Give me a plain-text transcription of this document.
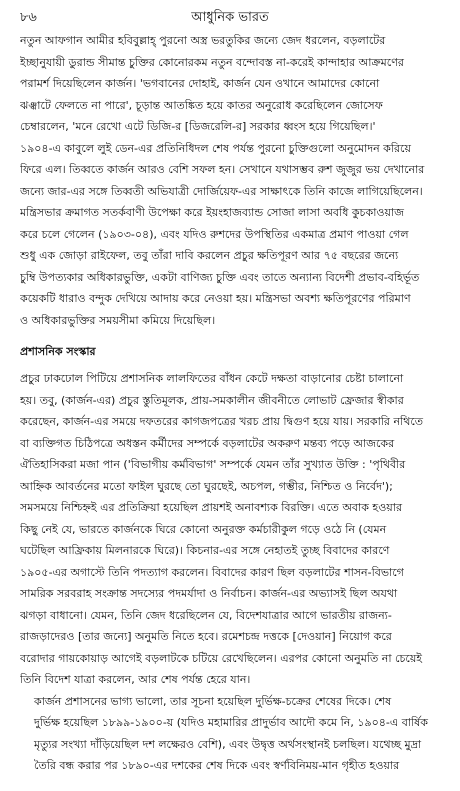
৮৬	আধুনিক ভারত

নতুন আফগান আমীর হবিবুল্লাহ্‌ পুরনো অস্ত্র ভরতুকির জন্যে জেদ ধরলেন, বড়লাটের
ইচ্ছানুযায়ী ডুরান্ড সীমান্ত চুক্তির কোনোরকম নতুন বন্দোবস্ত না-করেই কান্দাহার আক্রমণের
পরামর্শ দিয়েছিলেন কার্জন। 'ভগবানের দোহাই, কার্জন যেন ওখানে আমাদের কোনো
ঝঞ্ঝাটে ফেলতে না পারে', চূড়ান্ত আতঙ্কিত হয়ে কাতর অনুরোধ করেছিলেন জোসেফ
চেম্বারলেন, 'মনে রেখো এটে ডিজি-র [ডিজরেলি-র] সরকার ধ্বংস হয়ে গিয়েছিল।'
১৯০৪-এ কাবুলে লুই ডেন-এর প্রতিনিধিদল শেষ পর্যন্ত পুরনো চুক্তিগুলো অনুমোদন করিয়ে
ফিরে এল। তিব্বতে কার্জন আরও বেশি সফল হন। সেখানে যথাসম্ভব রুশ জুজুর ভয় দেখানোর
জন্যে জার-এর সঙ্গে তিব্বতী অভিযাত্রী দোর্জিয়েফ-এর সাক্ষাৎকে তিনি কাজে লাগিয়েছিলেন।
মন্ত্রিসভার ক্রমাগত সতর্কবাণী উপেক্ষা করে ইয়ংহাজব্যান্ড সোজা লাসা অবধি কুচকাওয়াজ
করে চলে গেলেন (১৯০৩-০৪), এবং যদিও রুশদের উপস্থিতির একমাত্র প্রমাণ পাওয়া গেল
শুধু এক জোড়া রাইফেল, তবু তাঁরা দাবি করলেন প্রচুর ক্ষতিপূরণ আর ৭৫ বছরের জন্যে
চুম্বি উপত্যকার অধিকারভুক্তি, একটা বাণিজ্য চুক্তি এবং তাতে অন্যান্য বিদেশী প্রভাব-বহির্ভূত
কয়েকটি ধারাও বন্দুক দেখিয়ে আদায় করে নেওয়া হয়। মন্ত্রিসভা অবশ্য ক্ষতিপূরণের পরিমাণ
ও অধিকারভুক্তির সময়সীমা কমিয়ে দিয়েছিল।

প্রশাসনিক সংস্কার

প্রচুর ঢাকঢোল পিটিয়ে প্রশাসনিক লালফিতের বাঁধন কেটে দক্ষতা বাড়ানোর চেষ্টা চালানো
হয়। তবু, (কার্জন-এর) প্রচুর স্তুতিমূলক, প্রায়-সমকালীন জীবনীতে লোভাট ফ্রেজার স্বীকার
করেছেন, কার্জন-এর সময়ে দফতরের কাগজপত্রের খরচ প্রায় দ্বিগুণ হয়ে যায়। সরকারি নথিতে
বা ব্যক্তিগত চিঠিপত্রে অধস্তন কর্মীদের সম্পর্কে বড়লাটের অকরুণ মন্তব্য পড়ে আজকের
ঐতিহাসিকরা মজা পান ('বিভাগীয় কর্মবিভাগ' সম্পর্কে যেমন তাঁর সুখ্যাত উক্তি : 'পৃথিবীর
আহ্নিক আবর্তনের মতো ফাইল ঘুরছে তো ঘুরছেই, অচপল, গম্ভীর, নিশ্চিত ও নির্বেদ');
সমসময়ে নিশ্চিহ্নই এর প্রতিক্রিয়া হয়েছিল প্রায়শই অনাবশ্যক বিরক্তি। এতে অবাক হওয়ার
কিছু নেই যে, ভারতে কার্জনকে ঘিরে কোনো অনুরক্ত কর্মচারীকুল গড়ে ওঠে নি (যেমন
ঘটেছিল আফ্রিকায় মিলনারকে ঘিরে)। কিচনার-এর সঙ্গে নেহাতই তুচ্ছ বিবাদের কারণে
১৯০৫-এর অগাস্টে তিনি পদত্যাগ করলেন। বিবাদের কারণ ছিল বড়লাটের শাসন-বিভাগে
সামরিক সরবরাহ সংক্রান্ত সদস্যের পদমর্যাদা ও নির্বাচন। কার্জন-এর অভ্যাসই ছিল অযথা
ঝগড়া বাধানো। যেমন, তিনি জেদ ধরেছিলেন যে, বিদেশযাত্রার আগে ভারতীয় রাজন্য-
রাজড়াদেরও [তার জন্যে] অনুমতি নিতে হবে। রমেশচন্দ্র দত্তকে [দেওয়ান] নিয়োগ করে
বরোদার গায়কোয়াড় আগেই বড়লাটকে চটিয়ে রেখেছিলেন। এরপর কোনো অনুমতি না চেয়েই
তিনি বিদেশ যাত্রা করলেন, আর শেষ পর্যন্ত হেরে যান।

কার্জন প্রশাসনের ভাগ্য ভালো, তার সূচনা হয়েছিল দুর্ভিক্ষ-চক্রের শেষের দিকে। শেষ
দুর্ভিক্ষ হয়েছিল ১৮৯৯-১৯০০-য় (যদিও মহামারির প্রাদুর্ভাব আদৌ কমে নি, ১৯০৪-এ বার্ষিক
মৃত্যুর সংখ্যা দাঁড়িয়েছিল দশ লক্ষেরও বেশি), এবং উদ্বৃত্ত অর্থসংস্থানই চলছিল। যথেচ্ছ মুদ্রা
তৈরি বন্ধ করার পর ১৮৯০-এর দশকের শেষ দিকে এবং স্বর্ণবিনিময়-মান গৃহীত হওয়ার
